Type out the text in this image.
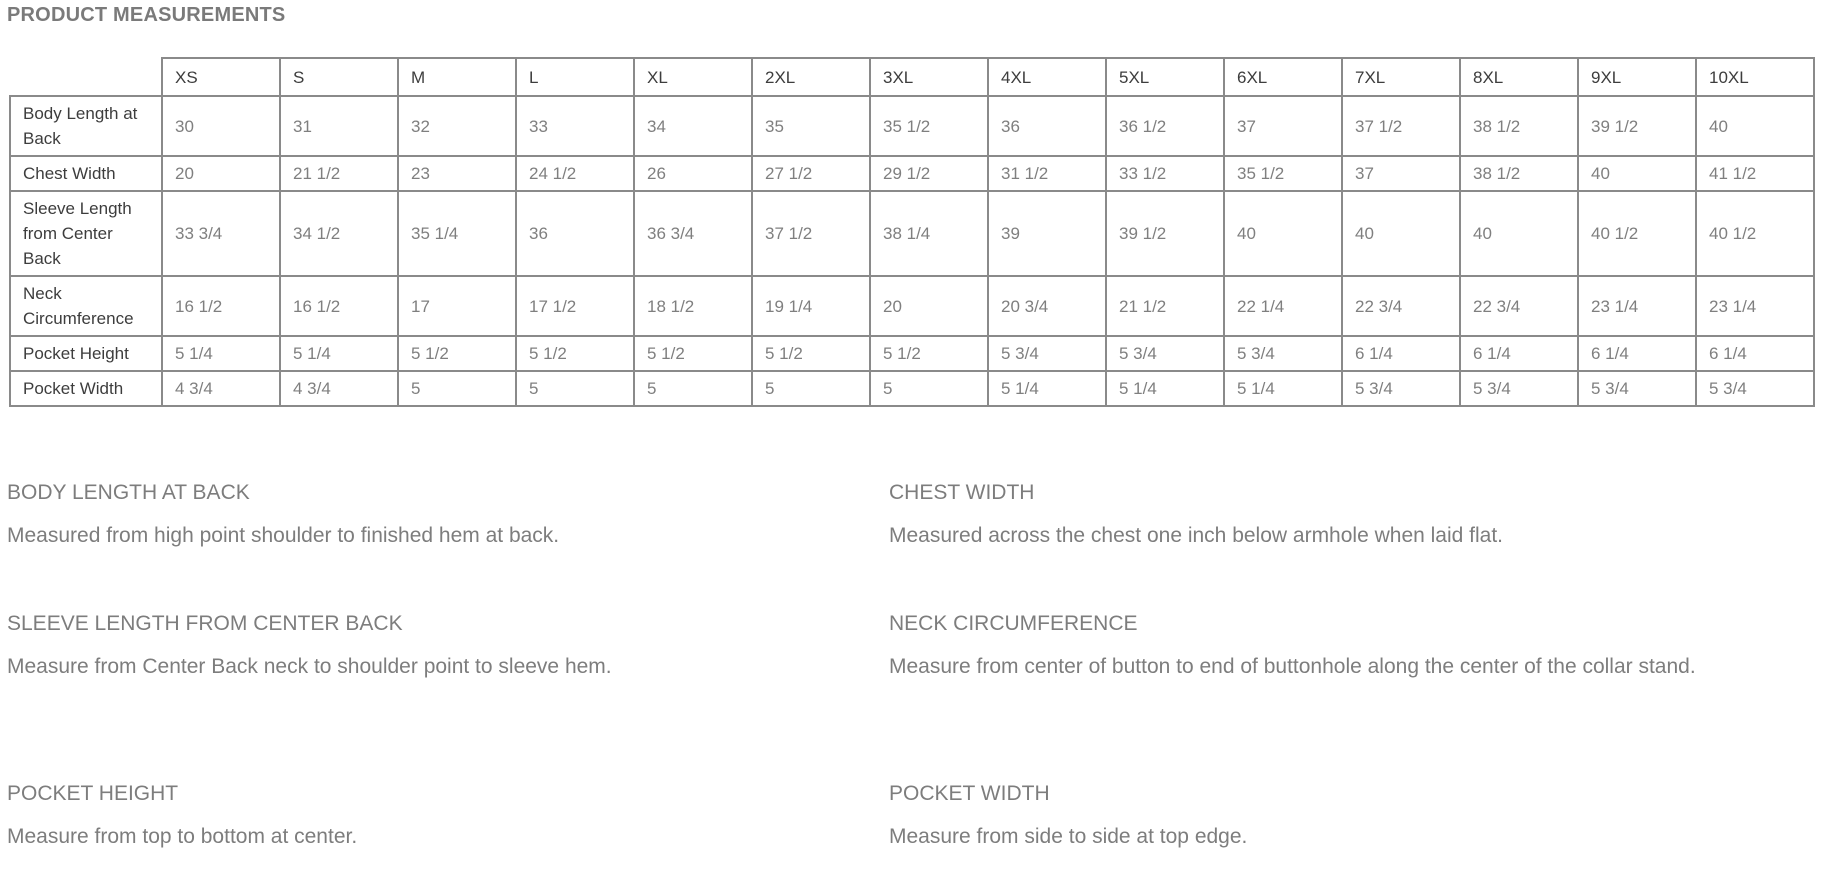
PRODUCT MEASUREMENTS
	XS	S	M	L	XL	2XL	3XL	4XL	5XL	6XL	7XL	8XL	9XL	10XL
Body Length at Back	30	31	32	33	34	35	35 1/2	36	36 1/2	37	37 1/2	38 1/2	39 1/2	40
Chest Width	20	21 1/2	23	24 1/2	26	27 1/2	29 1/2	31 1/2	33 1/2	35 1/2	37	38 1/2	40	41 1/2
Sleeve Length from Center Back	33 3/4	34 1/2	35 1/4	36	36 3/4	37 1/2	38 1/4	39	39 1/2	40	40	40	40 1/2	40 1/2
Neck Circumference	16 1/2	16 1/2	17	17 1/2	18 1/2	19 1/4	20	20 3/4	21 1/2	22 1/4	22 3/4	22 3/4	23 1/4	23 1/4
Pocket Height	5 1/4	5 1/4	5 1/2	5 1/2	5 1/2	5 1/2	5 1/2	5 3/4	5 3/4	5 3/4	6 1/4	6 1/4	6 1/4	6 1/4
Pocket Width	4 3/4	4 3/4	5	5	5	5	5	5 1/4	5 1/4	5 1/4	5 3/4	5 3/4	5 3/4	5 3/4

BODY LENGTH AT BACK

Measured from high point shoulder to finished hem at back.

CHEST WIDTH

Measured across the chest one inch below armhole when laid flat.

SLEEVE LENGTH FROM CENTER BACK

Measure from Center Back neck to shoulder point to sleeve hem.

NECK CIRCUMFERENCE

Measure from center of button to end of buttonhole along the center of the collar stand.

POCKET HEIGHT

Measure from top to bottom at center.

POCKET WIDTH

Measure from side to side at top edge.
